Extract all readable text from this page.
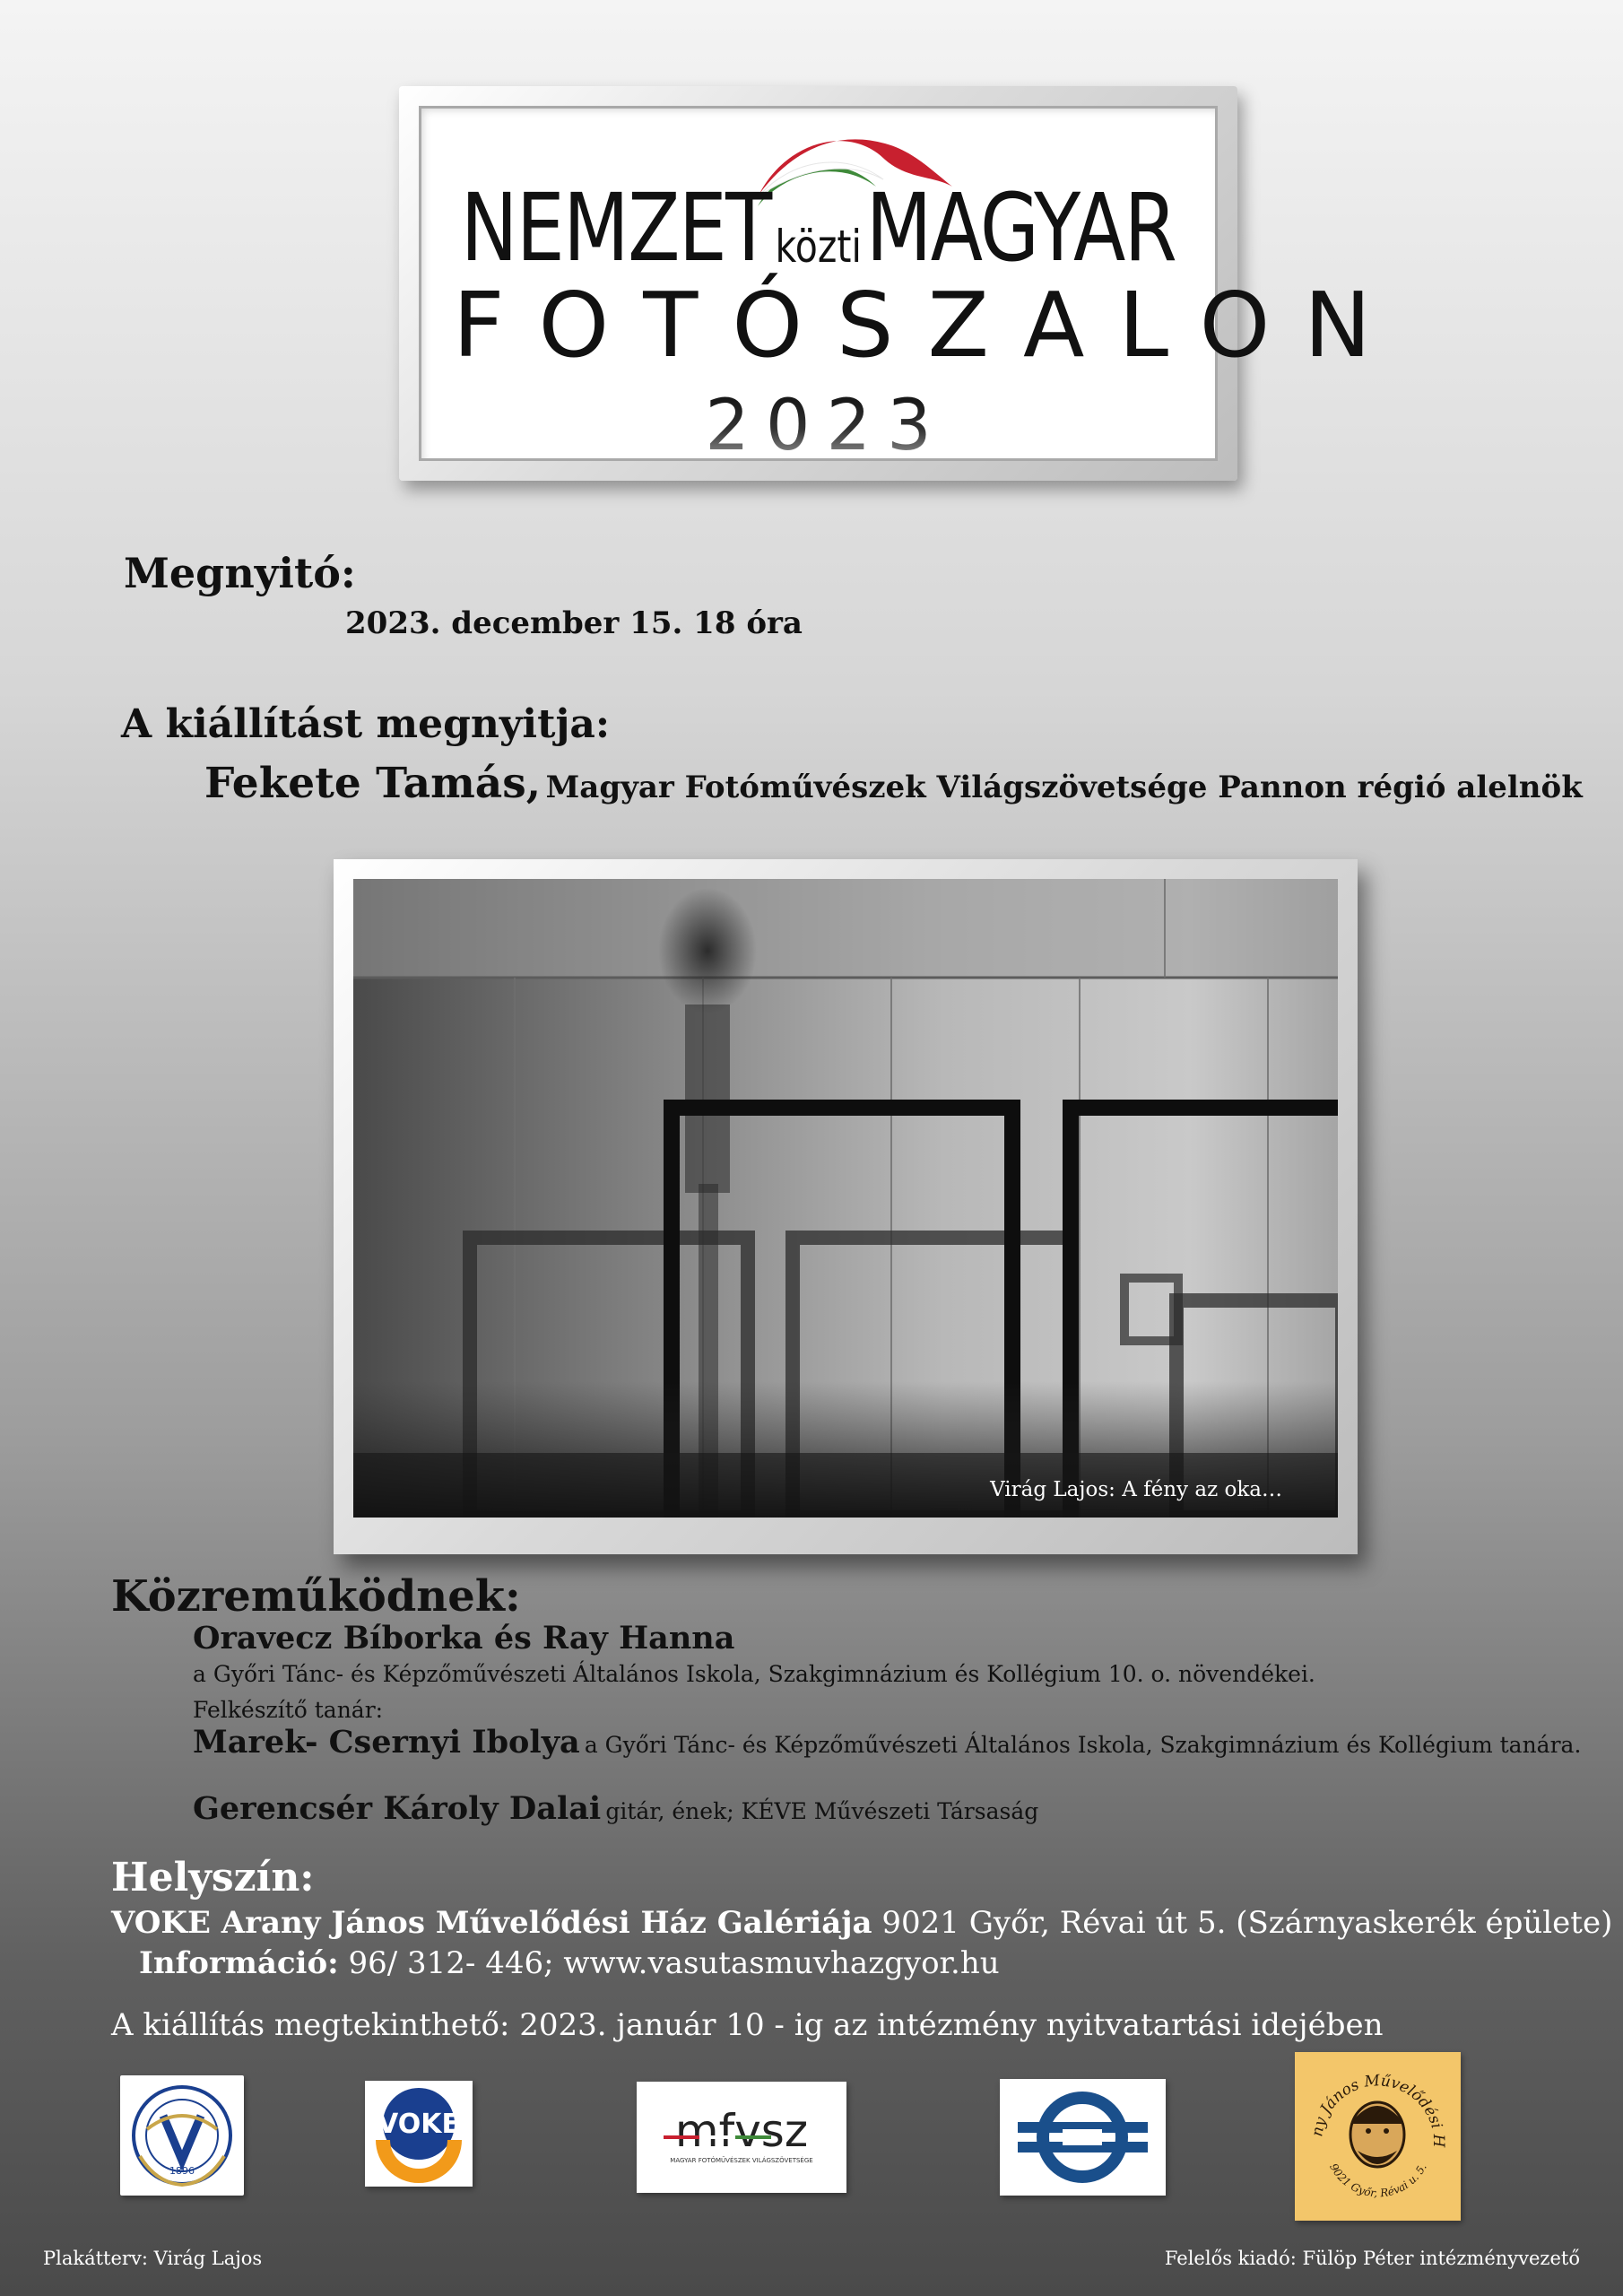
NEMZET közti MAGYAR
FOTÓSZALON
2023
Megnyitó:
2023. december 15. 18 óra
A kiállítást megnyitja:
Fekete Tamás, Magyar Fotóművészek Világszövetsége Pannon régió alelnök
Virág Lajos: A fény az oka…
Közreműködnek:
Oravecz Bíborka és Ray Hanna
a Győri Tánc- és Képzőművészeti Általános Iskola, Szakgimnázium és Kollégium 10. o. növendékei.
Felkészítő tanár:
Marek- Csernyi Ibolya a Győri Tánc- és Képzőművészeti Általános Iskola, Szakgimnázium és Kollégium tanára.
Gerencsér Károly Dalai gitár, ének; KÉVE Művészeti Társaság
Helyszín:
VOKE Arany János Művelődési Ház Galériája 9021 Győr, Révai út 5. (Szárnyaskerék épülete)
Információ: 96/ 312- 446; www.vasutasmuvhazgyor.hu
A kiállítás megtekinthető: 2023. január 10 - ig az intézmény nyitvatartási idejében
1896
VOKE	mfvsz
MAGYAR FOTÓMŰVÉSZEK VILÁGSZÖVETSÉGE
ny János Művelődési H
9021 Győr, Révai u. 5.
Plakátterv: Virág Lajos	Felelős kiadó: Fülöp Péter intézményvezető
